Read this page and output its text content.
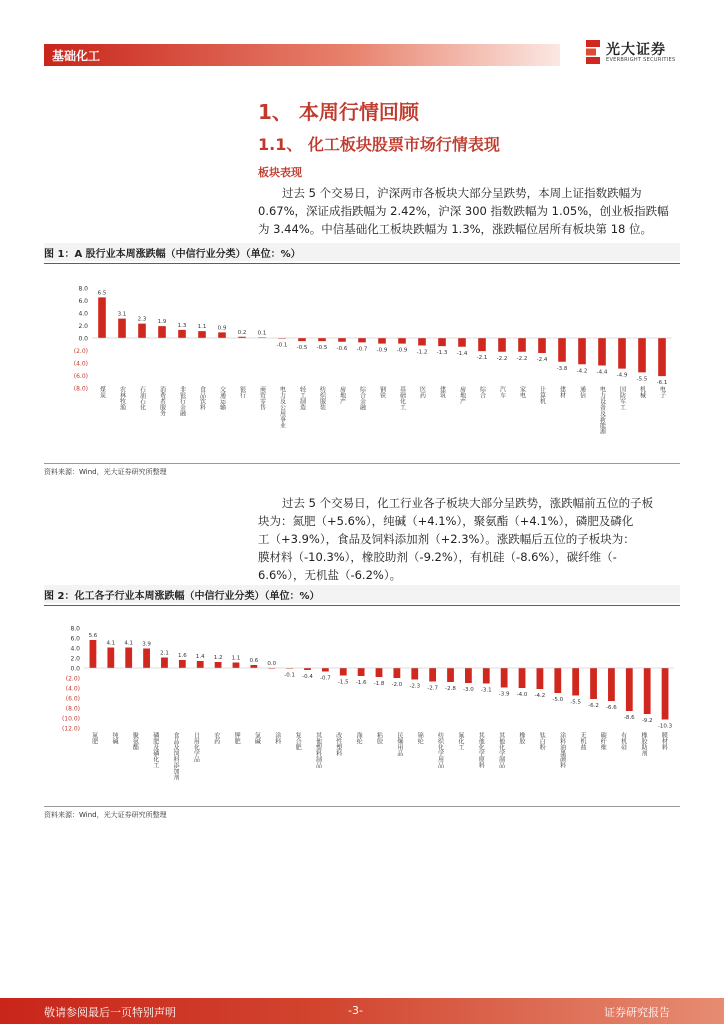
基础化工	光大证券
EVERBRIGHT SECURITIES
1、 本周行情回顾
1.1、 化工板块股票市场行情表现
板块表现
过去 5 个交易日，沪深两市各板块大部分呈跌势，本周上证指数跌幅为
0.67%，深证成指跌幅为 2.42%，沪深 300 指数跌幅为 1.05%，创业板指跌幅
为 3.44%。中信基础化工板块跌幅为 1.3%，涨跌幅位居所有板块第 18 位。
图 1：A 股行业本周涨跌幅（中信行业分类）（单位：%）
8.0
6.0
4.0
2.0
0.0
(2.0)
(4.0)
(6.0)
(8.0)
6.5
3.1
2.3 1.9
1.3 1.1 0.9
0.2 0.1
-0.1 -0.5 -0.5 -0.6 -0.7 -0.9 -0.9 -1.2 -1.3 -1.4
-2.1 -2.2 -2.2 -2.4
-3.8 -4.2 -4.4
-4.9
-5.5
-6.1
煤炭 农林牧渔 石油石化 消费者服务 非银行金融 食品饮料 交通运输 银行 商贸零售 电力及公用事业 轻工制造 纺织服装 房地产 综合金融 钢铁 基础化工 医药 建筑 房地产 综合 汽车 家电 计算机 建材 通信 电力设备及新能源 国防军工 机械 电子
资料来源：Wind，光大证券研究所整理
过去 5 个交易日，化工行业各子板块大部分呈跌势，涨跌幅前五位的子板
块为：氮肥（+5.6%），纯碱（+4.1%），聚氨酯（+4.1%），磷肥及磷化
工（+3.9%），食品及饲料添加剂（+2.3%）。涨跌幅后五位的子板块为：
膜材料（-10.3%），橡胶助剂（-9.2%），有机硅（-8.6%），碳纤维（-
6.6%），无机盐（-6.2%）。
图 2：化工各子行业本周涨跌幅（中信行业分类）（单位：%）
8.0
6.0
4.0
2.0
0.0
(2.0)
(4.0)
(6.0)
(8.0)
(10.0)
(12.0)
5.6
4.1 4.1 3.9
2.1 1.6 1.4 1.2 1.1 0.6 0.0
-0.1 -0.4 -0.7
-1.5 -1.6 -1.8 -2.0 -2.3 -2.7 -2.8 -3.0 -3.1
-3.9 -4.0 -4.2
-5.0 -5.5
-6.2 -6.6
-8.6 -9.2
-10.3
氮肥 纯碱 聚氨酯 磷肥及磷化工 食品及饲料添加剂 日用化学品 农药 钾肥 氯碱 涂料 复合肥 其他塑料制品 改性塑料 涤纶 粘胶 民爆用品 锦纶 纺织化学用品 氟化工 其他化学原料 其他化学制品 橡胶 钛白粉 涂料油墨颜料 无机盐 碳纤维 有机硅 橡胶助剂 膜材料
资料来源：Wind，光大证券研究所整理
敬请参阅最后一页特别声明	-3-	证券研究报告
